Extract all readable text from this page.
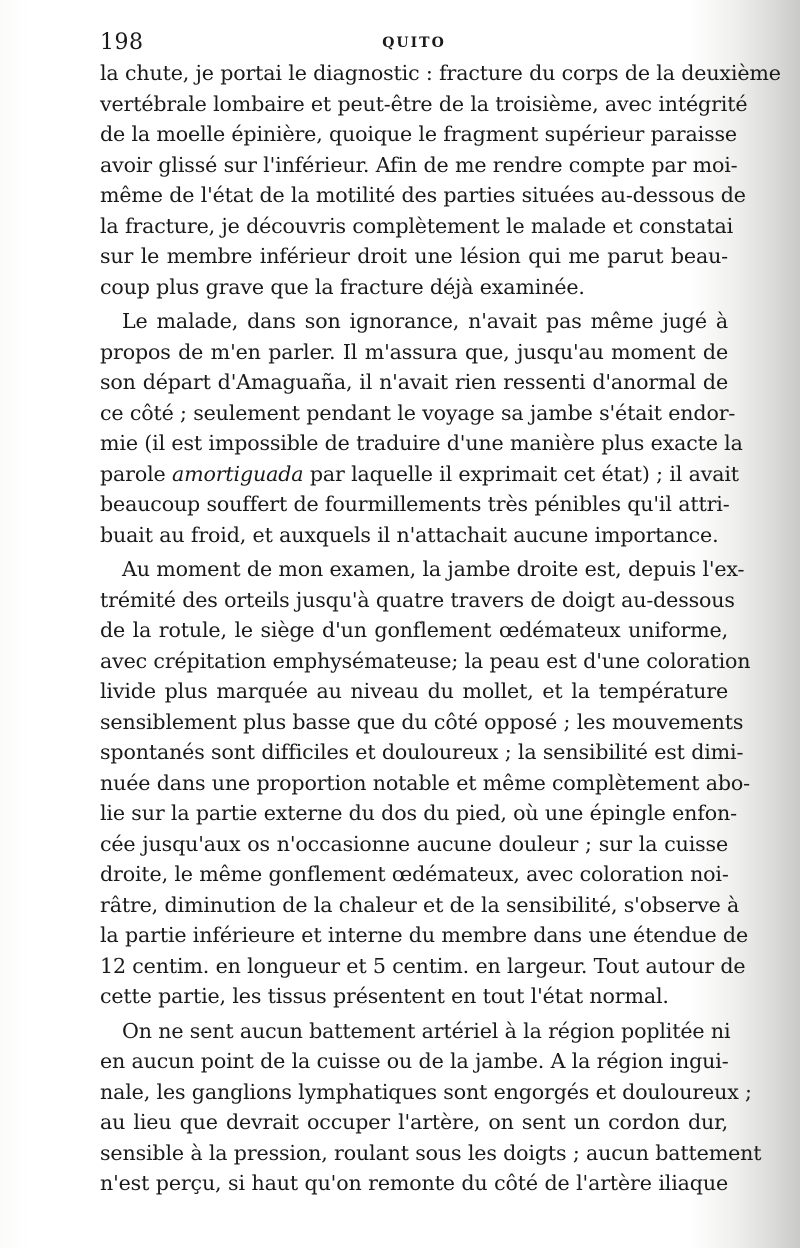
198	QUITO
la chute, je portai le diagnostic : fracture du corps de la deuxième
vertébrale lombaire et peut-être de la troisième, avec intégrité
de la moelle épinière, quoique le fragment supérieur paraisse
avoir glissé sur l'inférieur. Afin de me rendre compte par moi-
même de l'état de la motilité des parties situées au-dessous de
la fracture, je découvris complètement le malade et constatai
sur le membre inférieur droit une lésion qui me parut beau-
coup plus grave que la fracture déjà examinée.
Le malade, dans son ignorance, n'avait pas même jugé à
propos de m'en parler. Il m'assura que, jusqu'au moment de
son départ d'Amaguaña, il n'avait rien ressenti d'anormal de
ce côté ; seulement pendant le voyage sa jambe s'était endor-
mie (il est impossible de traduire d'une manière plus exacte la
parole amortiguada par laquelle il exprimait cet état) ; il avait
beaucoup souffert de fourmillements très pénibles qu'il attri-
buait au froid, et auxquels il n'attachait aucune importance.
Au moment de mon examen, la jambe droite est, depuis l'ex-
trémité des orteils jusqu'à quatre travers de doigt au-dessous
de la rotule, le siège d'un gonflement œdémateux uniforme,
avec crépitation emphysémateuse; la peau est d'une coloration
livide plus marquée au niveau du mollet, et la température
sensiblement plus basse que du côté opposé ; les mouvements
spontanés sont difficiles et douloureux ; la sensibilité est dimi-
nuée dans une proportion notable et même complètement abo-
lie sur la partie externe du dos du pied, où une épingle enfon-
cée jusqu'aux os n'occasionne aucune douleur ; sur la cuisse
droite, le même gonflement œdémateux, avec coloration noi-
râtre, diminution de la chaleur et de la sensibilité, s'observe à
la partie inférieure et interne du membre dans une étendue de
12 centim. en longueur et 5 centim. en largeur. Tout autour de
cette partie, les tissus présentent en tout l'état normal.
On ne sent aucun battement artériel à la région poplitée ni
en aucun point de la cuisse ou de la jambe. A la région ingui-
nale, les ganglions lymphatiques sont engorgés et douloureux ;
au lieu que devrait occuper l'artère, on sent un cordon dur,
sensible à la pression, roulant sous les doigts ; aucun battement
n'est perçu, si haut qu'on remonte du côté de l'artère iliaque
